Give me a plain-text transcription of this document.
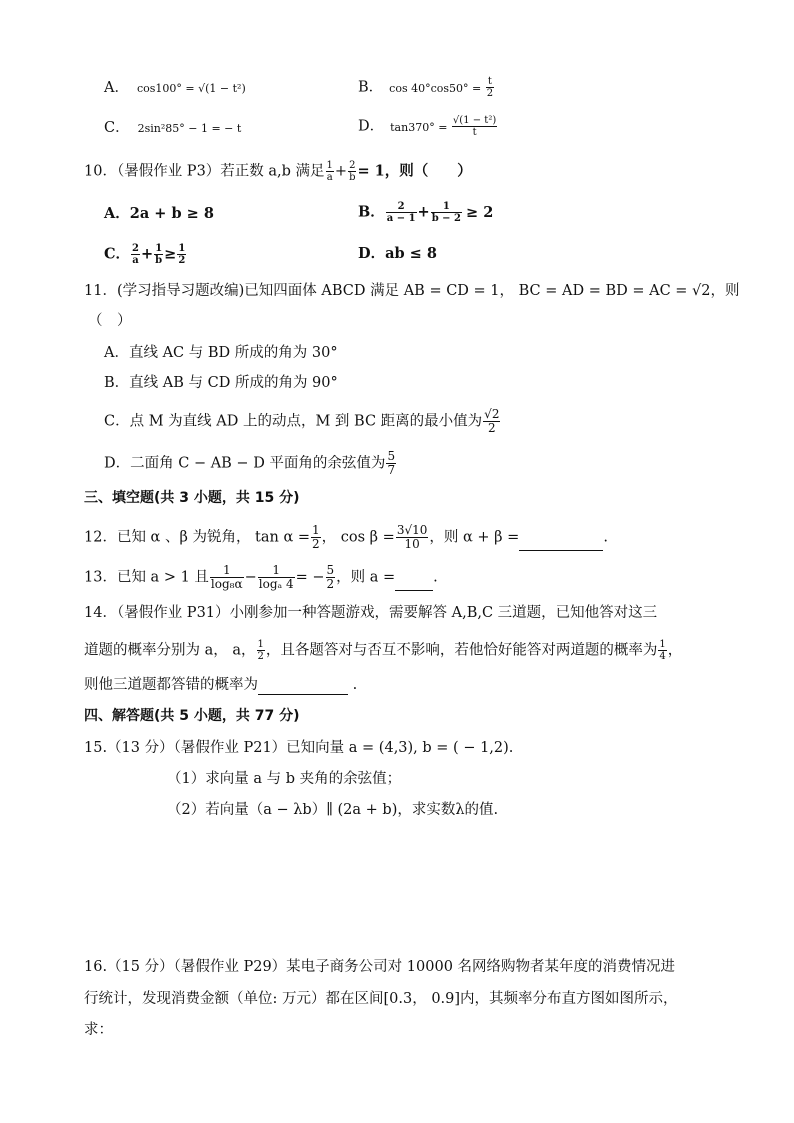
A． cos100° = √(1 − t²)	B． $\cos 40^\circ\cos 50^\circ = \frac{t}{2}$
C． 2sin²85° − 1 = − t	D． $\tan 370^\circ = \frac{\text{√(1 − t²)}}{t}$
10．（暑假作业 P3）若正数 a,b 满足 $\frac{1}{a} + \frac{2}{b} = 1$，则（　　）
A．2a + b ≥ 8	B． $\frac{2}{a - 1} + \frac{1}{b - 2} \ge 2$
C． $\frac{2}{a} + \frac{1}{b} \ge \frac{1}{2}$	D．ab ≤ 8
11．(学习指导习题改编)已知四面体 ABCD 满足 AB = CD = 1， BC = AD = BD = AC = √2，则
（　）
A．直线 AC 与 BD 所成的角为 30°
B．直线 AB 与 CD 所成的角为 90°
C．点 M 为直线 AD 上的动点，M 到 BC 距离的最小值为 $\frac{√2}{2}$
D．二面角 C − AB − D 平面角的余弦值为 $\frac{5}{7}$
三、填空题(共 3 小题，共 15 分)
12．已知 α 、β 为锐角， $\tan \alpha = \frac{1}{2}$ ， $\cos \beta = \frac{3√10}{10}$ ，则 α + β =	.
13．已知 a > 1 且 $\frac{1}{\text{log₈α}} - \frac{1}{\text{logₐ 4}}$ = − $\frac{5}{2}$ ，则 a =	.
14．（暑假作业 P31）小刚参加一种答题游戏，需要解答 A,B,C 三道题，已知他答对这三
道题的概率分别为 a， a， $\frac{1}{2}$ ，且各题答对与否互不影响，若他恰好能答对两道题的概率为 $\frac{1}{4}$ ，
则他三道题都答错的概率为	.
四、解答题(共 5 小题，共 77 分)
15.（13 分）（暑假作业 P21）已知向量 a = (4,3), b = ( − 1,2).
（1）求向量 a 与 b 夹角的余弦值；
（2）若向量（a − λb）∥ (2a + b)，求实数λ的值.
16.（15 分）（暑假作业 P29）某电子商务公司对 10000 名网络购物者某年度的消费情况进
行统计，发现消费金额（单位: 万元）都在区间[0.3， 0.9]内，其频率分布直方图如图所示，
求：
